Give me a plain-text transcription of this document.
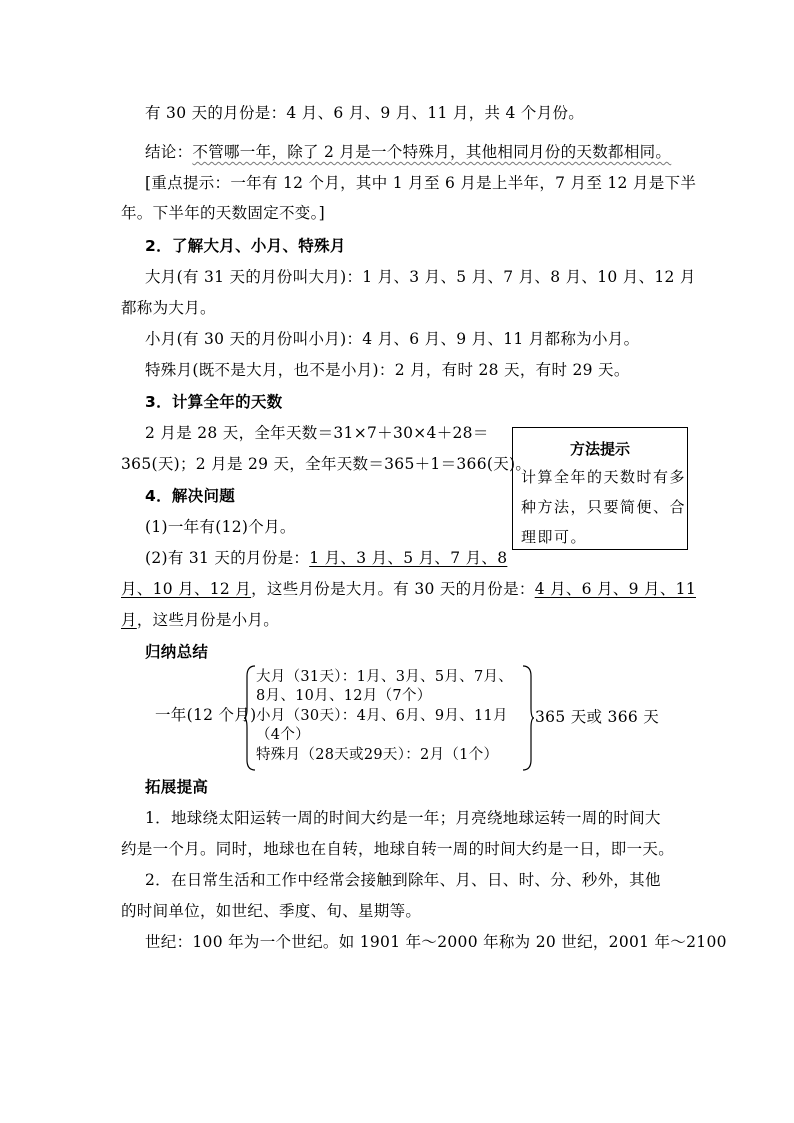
有 30 天的月份是：4 月、6 月、9 月、11 月，共 4 个月份。
结论：不管哪一年，除了 2 月是一个特殊月，其他相同月份的天数都相同。
[重点提示：一年有 12 个月，其中 1 月至 6 月是上半年，7 月至 12 月是下半
年。下半年的天数固定不变。]
2．了解大月、小月、特殊月
大月(有 31 天的月份叫大月)：1 月、3 月、5 月、7 月、8 月、10 月、12 月
都称为大月。
小月(有 30 天的月份叫小月)：4 月、6 月、9 月、11 月都称为小月。
特殊月(既不是大月，也不是小月)：2 月，有时 28 天，有时 29 天。
3．计算全年的天数
2 月是 28 天，全年天数＝31×7＋30×4＋28＝
365(天)；2 月是 29 天，全年天数＝365＋1＝366(天)。
方法提示
计算全年的天数时有多
种方法，只要简便、合
理即可。
4．解决问题
(1)一年有(12)个月。
(2)有 31 天的月份是：1 月、3 月、5 月、7 月、8
月、10 月、12 月，这些月份是大月。有 30 天的月份是：4 月、6 月、9 月、11
月，这些月份是小月。
归纳总结
一年(12 个月)
大月（31天）：1月、3月、5月、7月、
8月、10月、12月（7个）
小月（30天）：4月、6月、9月、11月
（4个）
特殊月（28天或29天）：2月（1个）
365 天或 366 天
拓展提高
1．地球绕太阳运转一周的时间大约是一年；月亮绕地球运转一周的时间大
约是一个月。同时，地球也在自转，地球自转一周的时间大约是一日，即一天。
2．在日常生活和工作中经常会接触到除年、月、日、时、分、秒外，其他
的时间单位，如世纪、季度、旬、星期等。
世纪：100 年为一个世纪。如 1901 年～2000 年称为 20 世纪，2001 年～2100
